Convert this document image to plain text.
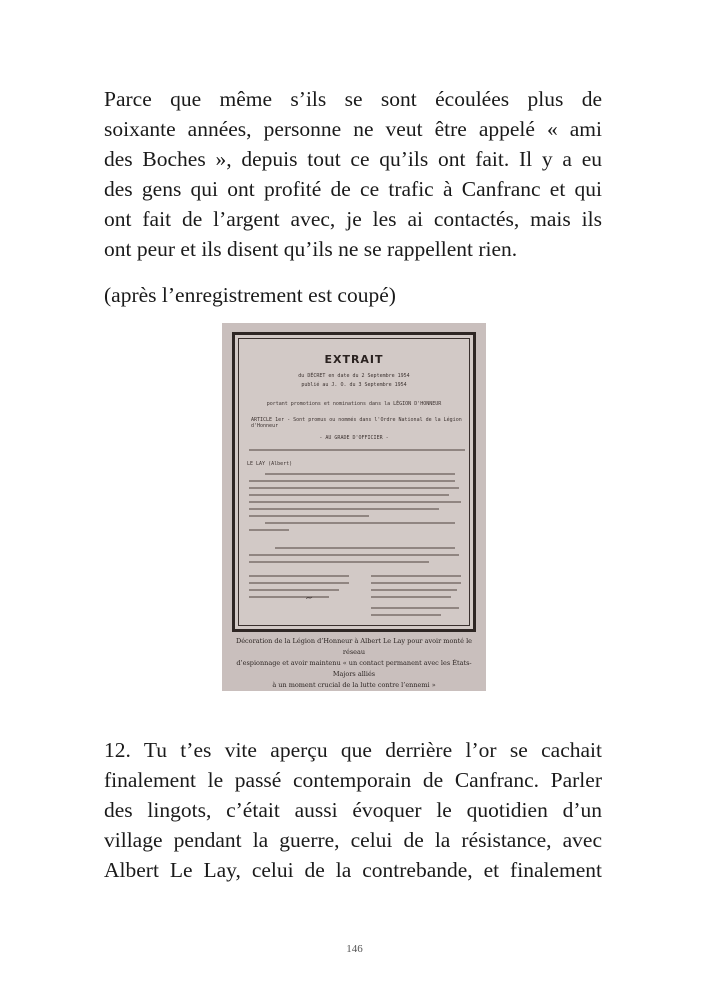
Parce que même s’ils se sont écoulées plus de
soixante années, personne ne veut être appelé « ami
des Boches », depuis tout ce qu’ils ont fait. Il y a eu
des gens qui ont profité de ce trafic à Canfranc et qui
ont fait de l’argent avec, je les ai contactés, mais ils
ont peur et ils disent qu’ils ne se rappellent rien.
(après l’enregistrement est coupé)
EXTRAIT
du DÉCRET en date du 2 Septembre 1954
publié au J. O. du 3 Septembre 1954
portant promotions et nominations dans la LÉGION D'HONNEUR
ARTICLE 1er - Sont promus ou nommés dans l'Ordre National de la Légion d'Honneur
- AU GRADE D'OFFICIER -
LE LAY (Albert)
~
Décoration de la Légion d’Honneur à Albert Le Lay pour avoir monté le réseau
d’espionnage et avoir maintenu « un contact permanent avec les États-Majors alliés
à un moment crucial de la lutte contre l’ennemi »
12. Tu t’es vite aperçu que derrière l’or se cachait
finalement le passé contemporain de Canfranc. Parler
des lingots, c’était aussi évoquer le quotidien d’un
village pendant la guerre, celui de la résistance, avec
Albert Le Lay, celui de la contrebande, et finalement
146
